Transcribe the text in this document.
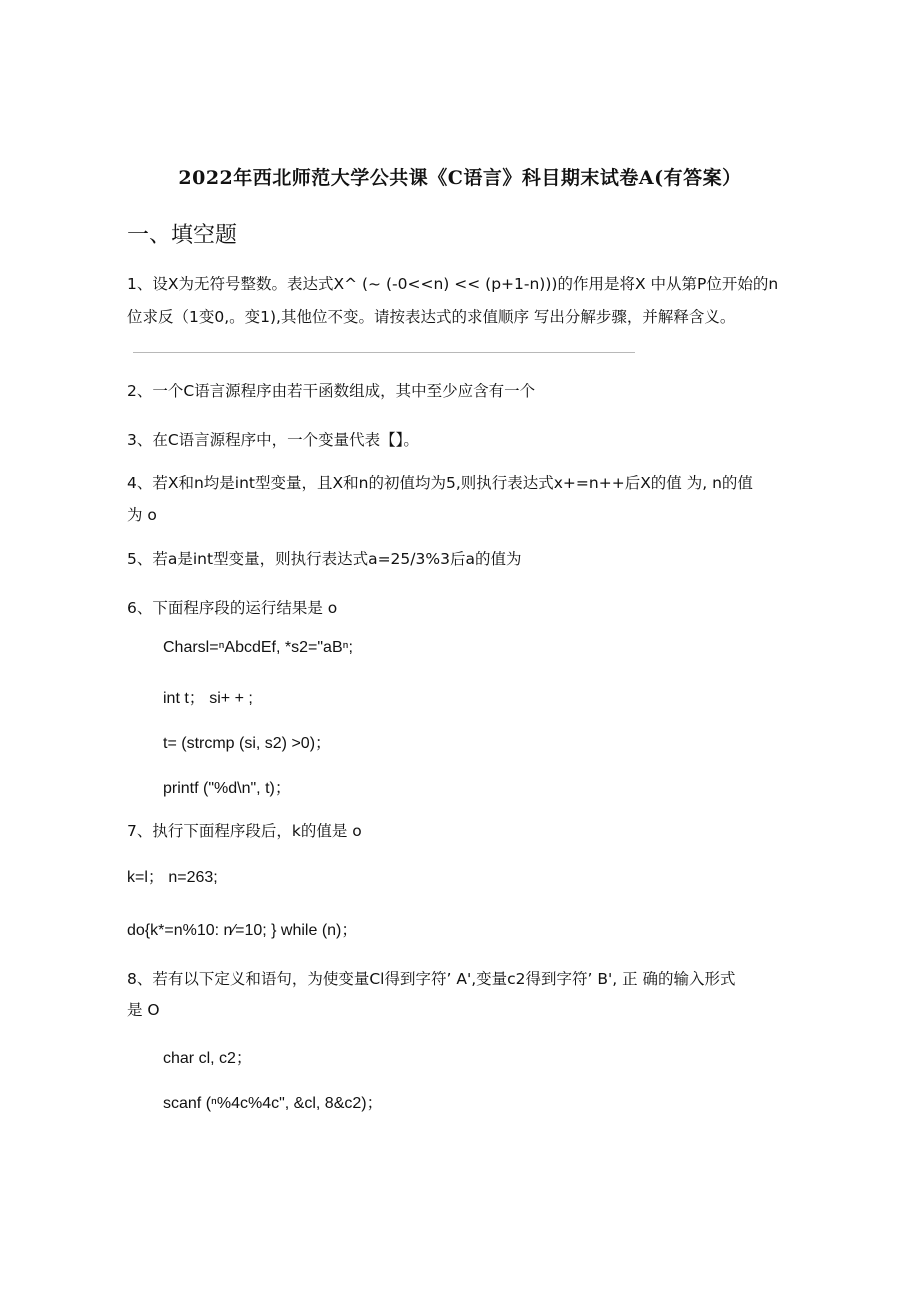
2022年西北师范大学公共课《C语言》科目期末试卷A(有答案）
一、填空题
1、设X为无符号整数。表达式X^ (~ (-0<<n) << (p+1-n)))的作用是将X 中从第P位开始的n
位求反（1变0,。变1),其他位不变。请按表达式的求值顺序 写出分解步骤，并解释含义。
2、一个C语言源程序由若干函数组成，其中至少应含有一个
3、在C语言源程序中，一个变量代表【】。
4、若X和n均是int型变量，且X和n的初值均为5,则执行表达式x+=n++后X的值 为, n的值
为 o
5、若a是int型变量，则执行表达式a=25∕3%3后a的值为
6、下面程序段的运行结果是 o
Charsl=ⁿAbcdEf, *s2="aBⁿ;
int t； si+ + ;
t= (strcmp (si, s2) >0)；
printf ("%d\n", t)；
7、执行下面程序段后，k的值是 o
k=l； n=263;
do{k*=n%10: n∕=10; } while (n)；
8、若有以下定义和语句，为使变量Cl得到字符’ A',变量c2得到字符’ B', 正 确的输入形式
是 O
char cl, c2；
scanf (ⁿ%4c%4c", &cl, 8&c2)；
